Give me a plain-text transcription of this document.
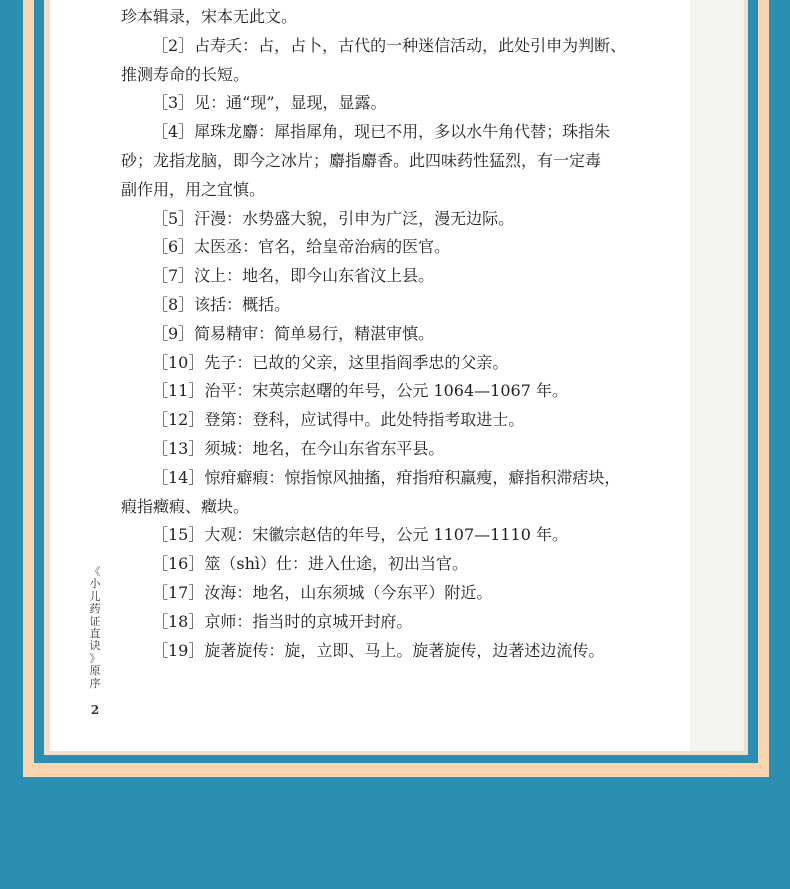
珍本辑录，宋本无此文。
［2］占寿夭：占，占卜，古代的一种迷信活动，此处引申为判断、
推测寿命的长短。
［3］见：通“现”，显现，显露。
［4］犀珠龙麝：犀指犀角，现已不用，多以水牛角代替；珠指朱
砂；龙指龙脑，即今之冰片；麝指麝香。此四味药性猛烈，有一定毒
副作用，用之宜慎。
［5］汗漫：水势盛大貌，引申为广泛，漫无边际。
［6］太医丞：官名，给皇帝治病的医官。
［7］汶上：地名，即今山东省汶上县。
［8］该括：概括。
［9］简易精审：简单易行，精湛审慎。
［10］先子：已故的父亲，这里指阎季忠的父亲。
［11］治平：宋英宗赵曙的年号，公元 1064—1067 年。
［12］登第：登科，应试得中。此处特指考取进士。
［13］须城：地名，在今山东省东平县。
［14］惊疳癖瘕：惊指惊风抽搐，疳指疳积羸瘦，癖指积滞痞块，
瘕指癥瘕、癥块。
［15］大观：宋徽宗赵佶的年号，公元 1107—1110 年。
［16］筮（shì）仕：进入仕途，初出当官。
［17］汝海：地名，山东须城（今东平）附近。
［18］京师：指当时的京城开封府。
［19］旋著旋传：旋，立即、马上。旋著旋传，边著述边流传。
《
小
儿
药
证
直
诀
》
原
序
2
